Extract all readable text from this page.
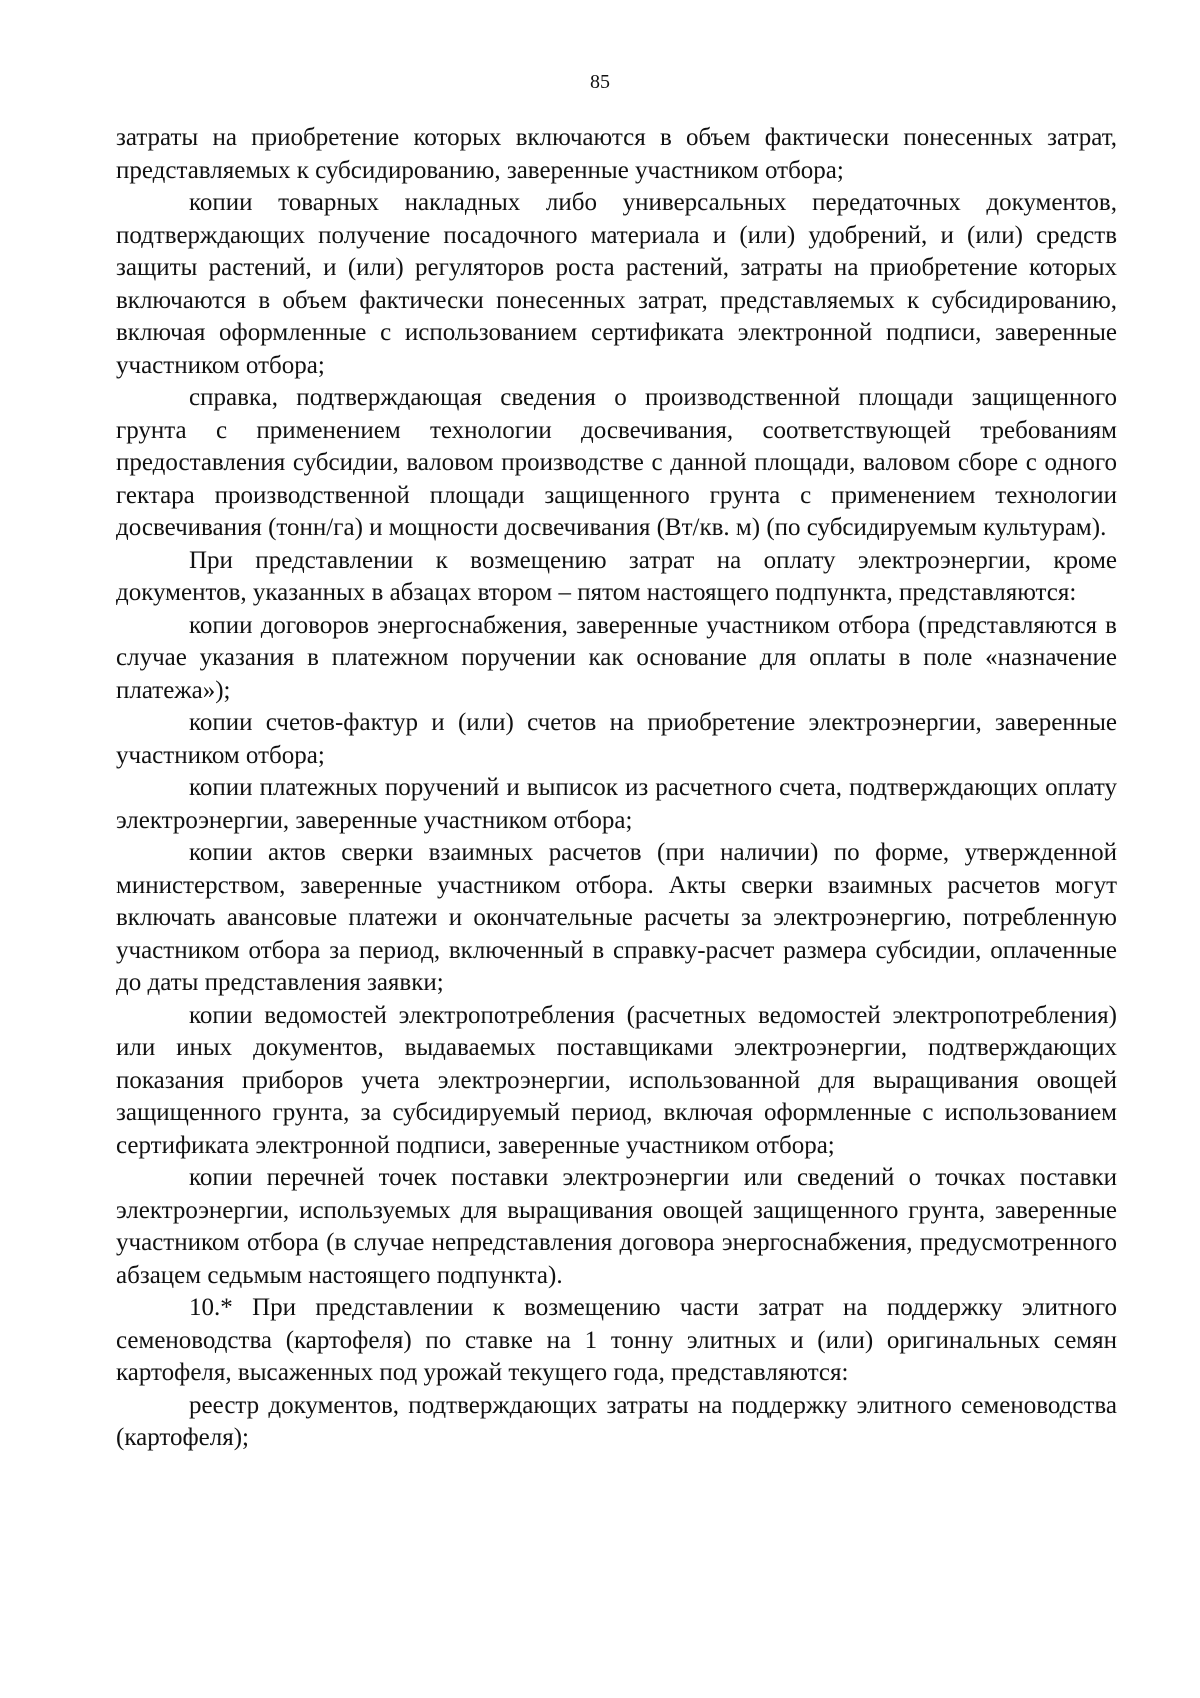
85

затраты на приобретение которых включаются в объем фактически понесенных затрат, представляемых к субсидированию, заверенные участником отбора;

копии товарных накладных либо универсальных передаточных документов, подтверждающих получение посадочного материала и (или) удобрений, и (или) средств защиты растений, и (или) регуляторов роста растений, затраты на приобретение которых включаются в объем фактически понесенных затрат, представляемых к субсидированию, включая оформленные с использованием сертификата электронной подписи, заверенные участником отбора;

справка, подтверждающая сведения о производственной площади защищенного грунта с применением технологии досвечивания, соответствующей требованиям предоставления субсидии, валовом производстве с данной площади, валовом сборе с одного гектара производственной площади защищенного грунта с применением технологии досвечивания (тонн/га) и мощности досвечивания (Вт/кв. м) (по субсидируемым культурам).

При представлении к возмещению затрат на оплату электроэнергии, кроме документов, указанных в абзацах втором – пятом настоящего подпункта, представляются:

копии договоров энергоснабжения, заверенные участником отбора (представляются в случае указания в платежном поручении как основание для оплаты в поле «назначение платежа»);

копии счетов-фактур и (или) счетов на приобретение электроэнергии, заверенные участником отбора;

копии платежных поручений и выписок из расчетного счета, подтверждающих оплату электроэнергии, заверенные участником отбора;

копии актов сверки взаимных расчетов (при наличии) по форме, утвержденной министерством, заверенные участником отбора. Акты сверки взаимных расчетов могут включать авансовые платежи и окончательные расчеты за электроэнергию, потребленную участником отбора за период, включенный в справку-расчет размера субсидии, оплаченные до даты представления заявки;

копии ведомостей электропотребления (расчетных ведомостей электропотребления) или иных документов, выдаваемых поставщиками электроэнергии, подтверждающих показания приборов учета электроэнергии, использованной для выращивания овощей защищенного грунта, за субсидируемый период, включая оформленные с использованием сертификата электронной подписи, заверенные участником отбора;

копии перечней точек поставки электроэнергии или сведений о точках поставки электроэнергии, используемых для выращивания овощей защищенного грунта, заверенные участником отбора (в случае непредставления договора энергоснабжения, предусмотренного абзацем седьмым настоящего подпункта).

10.* При представлении к возмещению части затрат на поддержку элитного семеноводства (картофеля) по ставке на 1 тонну элитных и (или) оригинальных семян картофеля, высаженных под урожай текущего года, представляются:

реестр документов, подтверждающих затраты на поддержку элитного семеноводства (картофеля);
